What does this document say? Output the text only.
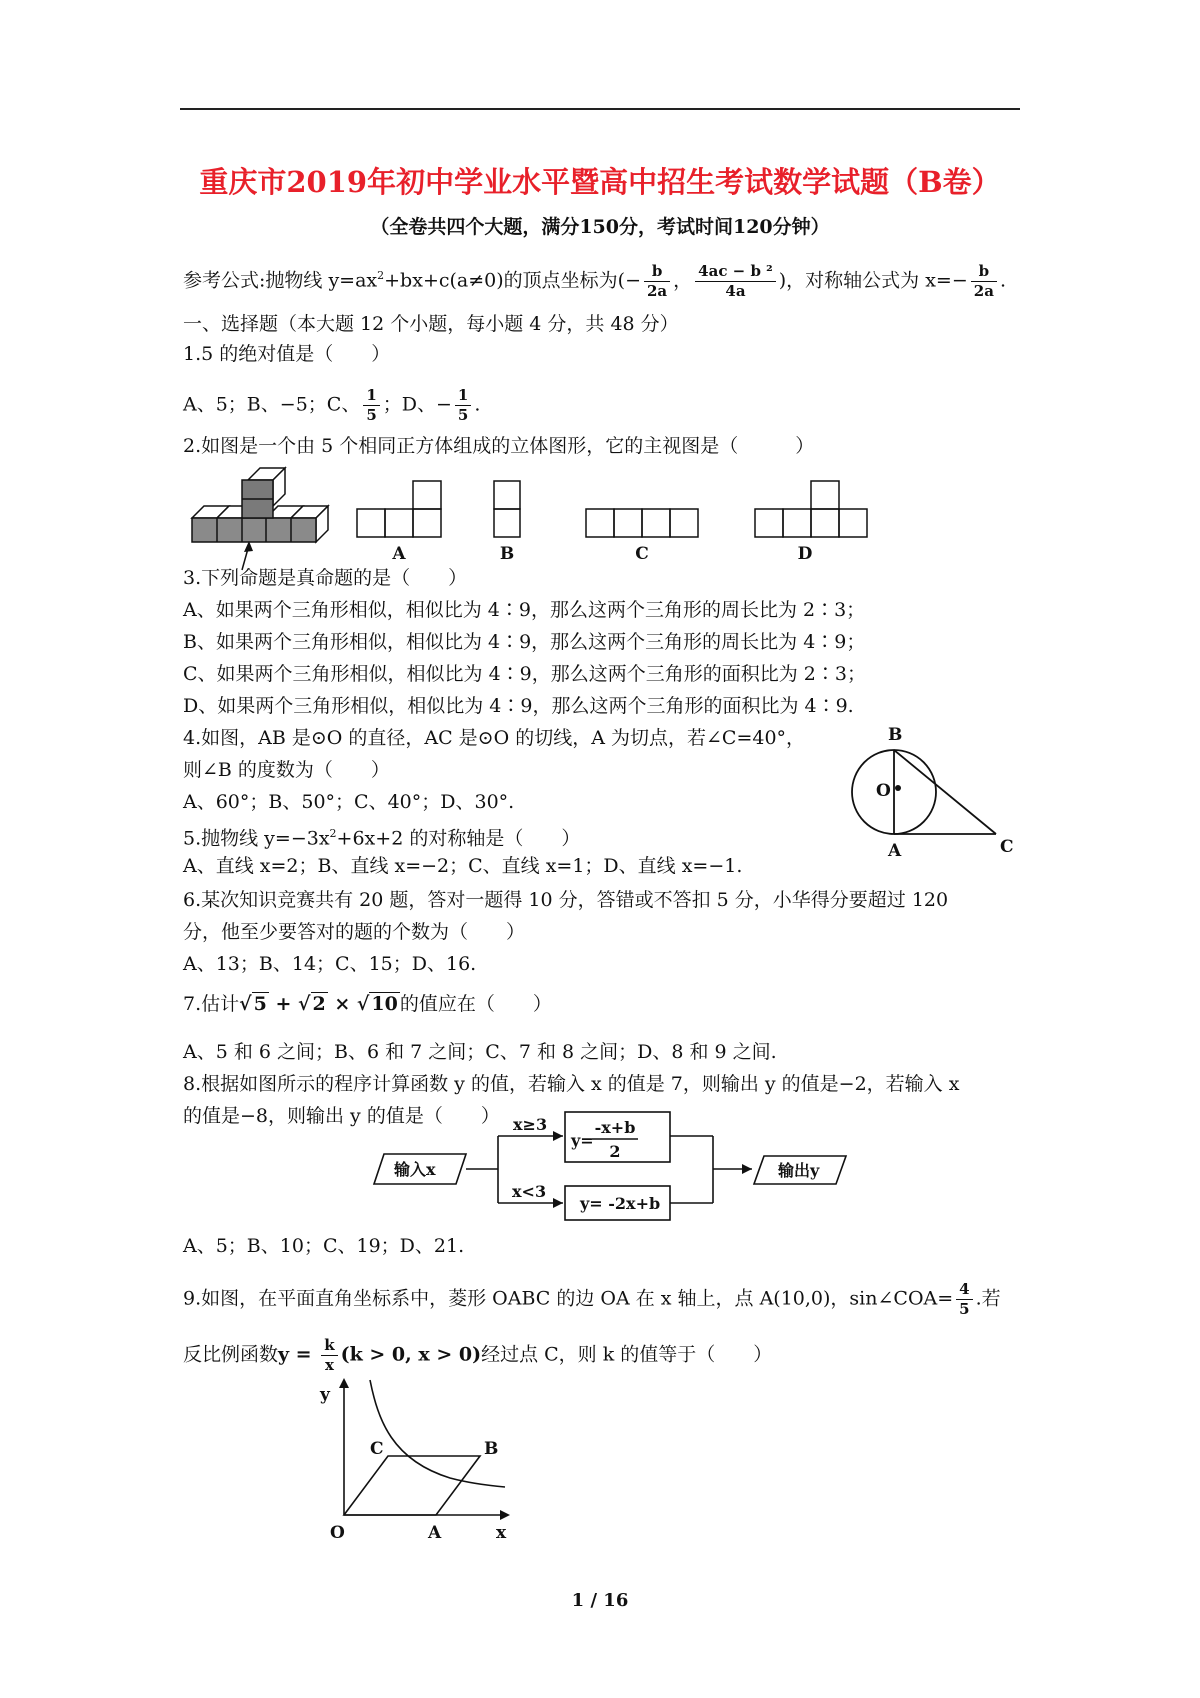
重庆市2019年初中学业水平暨高中招生考试数学试题（B卷）
（全卷共四个大题，满分150分，考试时间120分钟）
参考公式:抛物线 $y=ax^2+bx+c(a\ne 0)$的顶点坐标为(− $\frac{b}{2a}$ ， $\frac{\text{4ac − b ²}}{4a}$ )，对称轴公式为 $x=- \frac{b}{2a}$ .
一、选择题（本大题 12 个小题，每小题 4 分，共 48 分）
1.5 的绝对值是（　　）
A、5；B、−5；C、 $\frac{1}{5}$ ；D、− $\frac{1}{5}$ .
2.如图是一个由 5 个相同正方体组成的立体图形，它的主视图是（　　　）
A	B	C	D
3.下列命题是真命题的是（　　）
A、如果两个三角形相似，相似比为 4∶9，那么这两个三角形的周长比为 2∶3；
B、如果两个三角形相似，相似比为 4∶9，那么这两个三角形的周长比为 4∶9；
C、如果两个三角形相似，相似比为 4∶9，那么这两个三角形的面积比为 2∶3；
D、如果两个三角形相似，相似比为 4∶9，那么这两个三角形的面积比为 4∶9.
4.如图，AB 是⊙O 的直径，AC 是⊙O 的切线，A 为切点，若∠C=40°，
则∠B 的度数为（　　）
A、60°；B、50°；C、40°；D、30°.
B
O
A	C
5.抛物线 $y=-3x^2+6x+2$ 的对称轴是（　　）
A、直线 x=2；B、直线 x=−2；C、直线 x=1；D、直线 x=−1.
6.某次知识竞赛共有 20 题，答对一题得 10 分，答错或不答扣 5 分，小华得分要超过 120
分，他至少要答对的题的个数为（　　）
A、13；B、14；C、15；D、16.
7.估计√ 5 + √ 2 × √ 10 的值应在（　　）
A、5 和 6 之间；B、6 和 7 之间；C、7 和 8 之间；D、8 和 9 之间.
8.根据如图所示的程序计算函数 y 的值，若输入 x 的值是 7，则输出 y 的值是−2，若输入 x
的值是−8，则输出 y 的值是（　　）
输入x
x≥3
y=
-x+b
2
x<3
y= -2x+b
输出y
A、5；B、10；C、19；D、21.
9.如图，在平面直角坐标系中，菱形 OABC 的边 OA 在 x 轴上，点 A(10,0)，sin∠COA= $\frac{4}{5}$ .若
反比例函数$y = \frac{k}{x} (k > 0$, x > 0)经过点 C，则 k 的值等于（　　）
y
x
O	A
B
C
1 / 16
